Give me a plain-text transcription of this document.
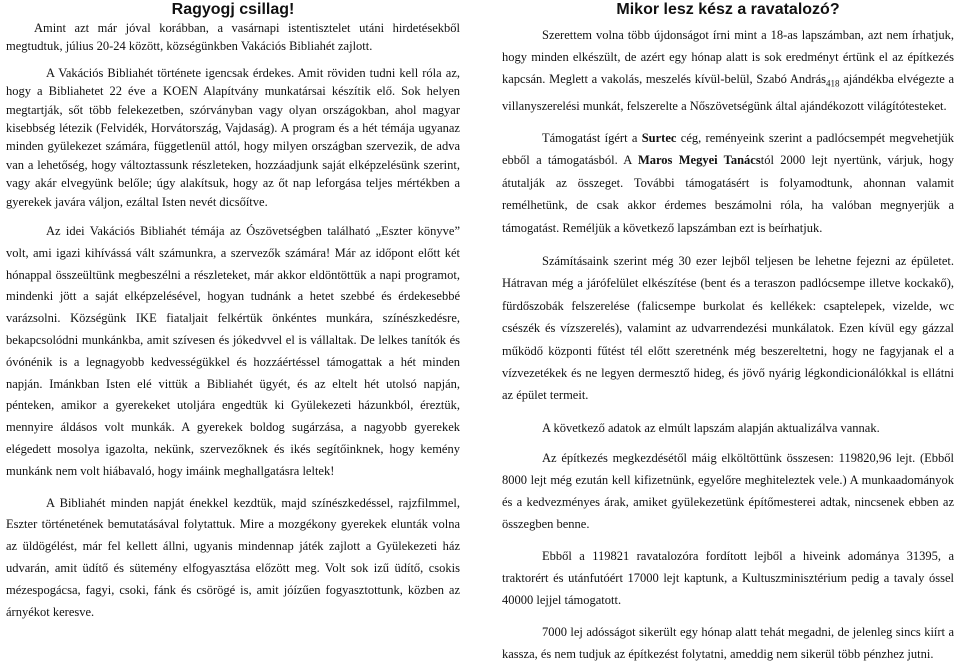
Ragyogj csillag!

Amint azt már jóval korábban, a vasárnapi istentisztelet utáni hirdetésekből megtudtuk, július 20-24 között, községünkben Vakációs Bibliahét zajlott.

A Vakációs Bibliahét története igencsak érdekes. Amit röviden tudni kell róla az, hogy a Bibliahetet 22 éve a KOEN Alapítvány munkatársai készítik elő. Sok helyen megtartják, sőt több felekezetben, szórványban vagy olyan országokban, ahol magyar kisebbség létezik (Felvidék, Horvátország, Vajdaság). A program és a hét témája ugyanaz minden gyülekezet számára, függetlenül attól, hogy milyen országban szervezik, de adva van a lehetőség, hogy változtassunk részleteken, hozzáadjunk saját elképzelésünk szerint, vagy akár elvegyünk belőle; úgy alakítsuk, hogy az őt nap leforgása teljes mértékben a gyerekek javára váljon, ezáltal Isten nevét dicsőítve.

Az idei Vakációs Bibliahét témája az Ószövetségben található „Eszter könyve” volt, ami igazi kihívássá vált számunkra, a szervezők számára! Már az időpont előtt két hónappal összeültünk megbeszélni a részleteket, már akkor eldöntöttük a napi programot, mindenki jött a saját elképzelésével, hogyan tudnánk a hetet szebbé és érdekesebbé varázsolni. Községünk IKE fiataljait felkértük önkéntes munkára, színészkedésre, bekapcsolódni munkánkba, amit szívesen és jókedvvel el is vállaltak. De lelkes tanítók és óvónénik is a legnagyobb kedvességükkel és hozzáértéssel támogattak a hét minden napján. Imánkban Isten elé vittük a Bibliahét ügyét, és az eltelt hét utolsó napján, pénteken, amikor a gyerekeket utoljára engedtük ki Gyülekezeti házunkból, éreztük, mennyire áldásos volt munkák. A gyerekek boldog sugárzása, a nagyobb gyerekek elégedett mosolya igazolta, nekünk, szervezőknek és ikés segítőinknek, hogy kemény munkánk nem volt hiábavaló, hogy imáink meghallgatásra leltek!

A Bibliahét minden napját énekkel kezdtük, majd színészkedéssel, rajzfilmmel, Eszter történetének bemutatásával folytattuk. Mire a mozgékony gyerekek elunták volna az üldögélést, már fel kellett állni, ugyanis mindennap játék zajlott a Gyülekezeti ház udvarán, amit üdítő és sütemény elfogyasztása előzött meg. Volt sok izű üdítő, csokis mézespogácsa, fagyi, csoki, fánk és csörögé is, amit jóízűen fogyasztottunk, közben az árnyékot keresve.

Mikor lesz kész a ravatalozó?

Szerettem volna több újdonságot írni mint a 18-as lapszámban, azt nem írhatjuk, hogy minden elkészült, de azért egy hónap alatt is sok eredményt értünk el az építkezés kapcsán. Meglett a vakolás, meszelés kívül-belül, Szabó András$_{418}$ ajándékba elvégezte a villanyszerelési munkát, felszerelte a Nőszövetségünk által ajándékozott világítótesteket.

Támogatást ígért a Surtec cég, reményeink szerint a padlócsempét megvehetjük ebből a támogatásból. A Maros Megyei Tanácstól 2000 lejt nyertünk, várjuk, hogy átutalják az összeget. További támogatásért is folyamodtunk, ahonnan valamit remélhetünk, de csak akkor érdemes beszámolni róla, ha valóban megnyerjük a támogatást. Reméljük a következő lapszámban ezt is beírhatjuk.

Számításaink szerint még 30 ezer lejből teljesen be lehetne fejezni az épületet. Hátravan még a járófelület elkészítése (bent és a teraszon padlócsempe illetve kockakő), fürdőszobák felszerelése (falicsempe burkolat és kellékek: csaptelepek, vizelde, wc csészék és vízszerelés), valamint az udvarrendezési munkálatok. Ezen kívül egy gázzal működő központi fűtést tél előtt szeretnénk még beszereltetni, hogy ne fagyjanak el a vízvezetékek és ne legyen dermesztő hideg, és jövő nyárig légkondicionálókkal is ellátni az épület termeit.

A következő adatok az elmúlt lapszám alapján aktualizálva vannak.

Az építkezés megkezdésétől máig elköltöttünk összesen: 119820,96 lejt. (Ebből 8000 lejt még ezután kell kifizetnünk, egyelőre meghiteleztek vele.) A munkaadományok és a kedvezményes árak, amiket gyülekezetünk építőmesterei adtak, nincsenek ebben az összegben benne.

Ebből a 119821 ravatalozóra fordított lejből a hiveink adománya 31395, a traktorért és utánfutóért 17000 lejt kaptunk, a Kultuszminisztérium pedig a tavaly óssel 40000 lejjel támogatott.

7000 lej adósságot sikerült egy hónap alatt tehát megadni, de jelenleg sincs kiírt a kassza, és nem tudjuk az építkezést folytatni, ameddig nem sikerül több pénzhez jutni.
